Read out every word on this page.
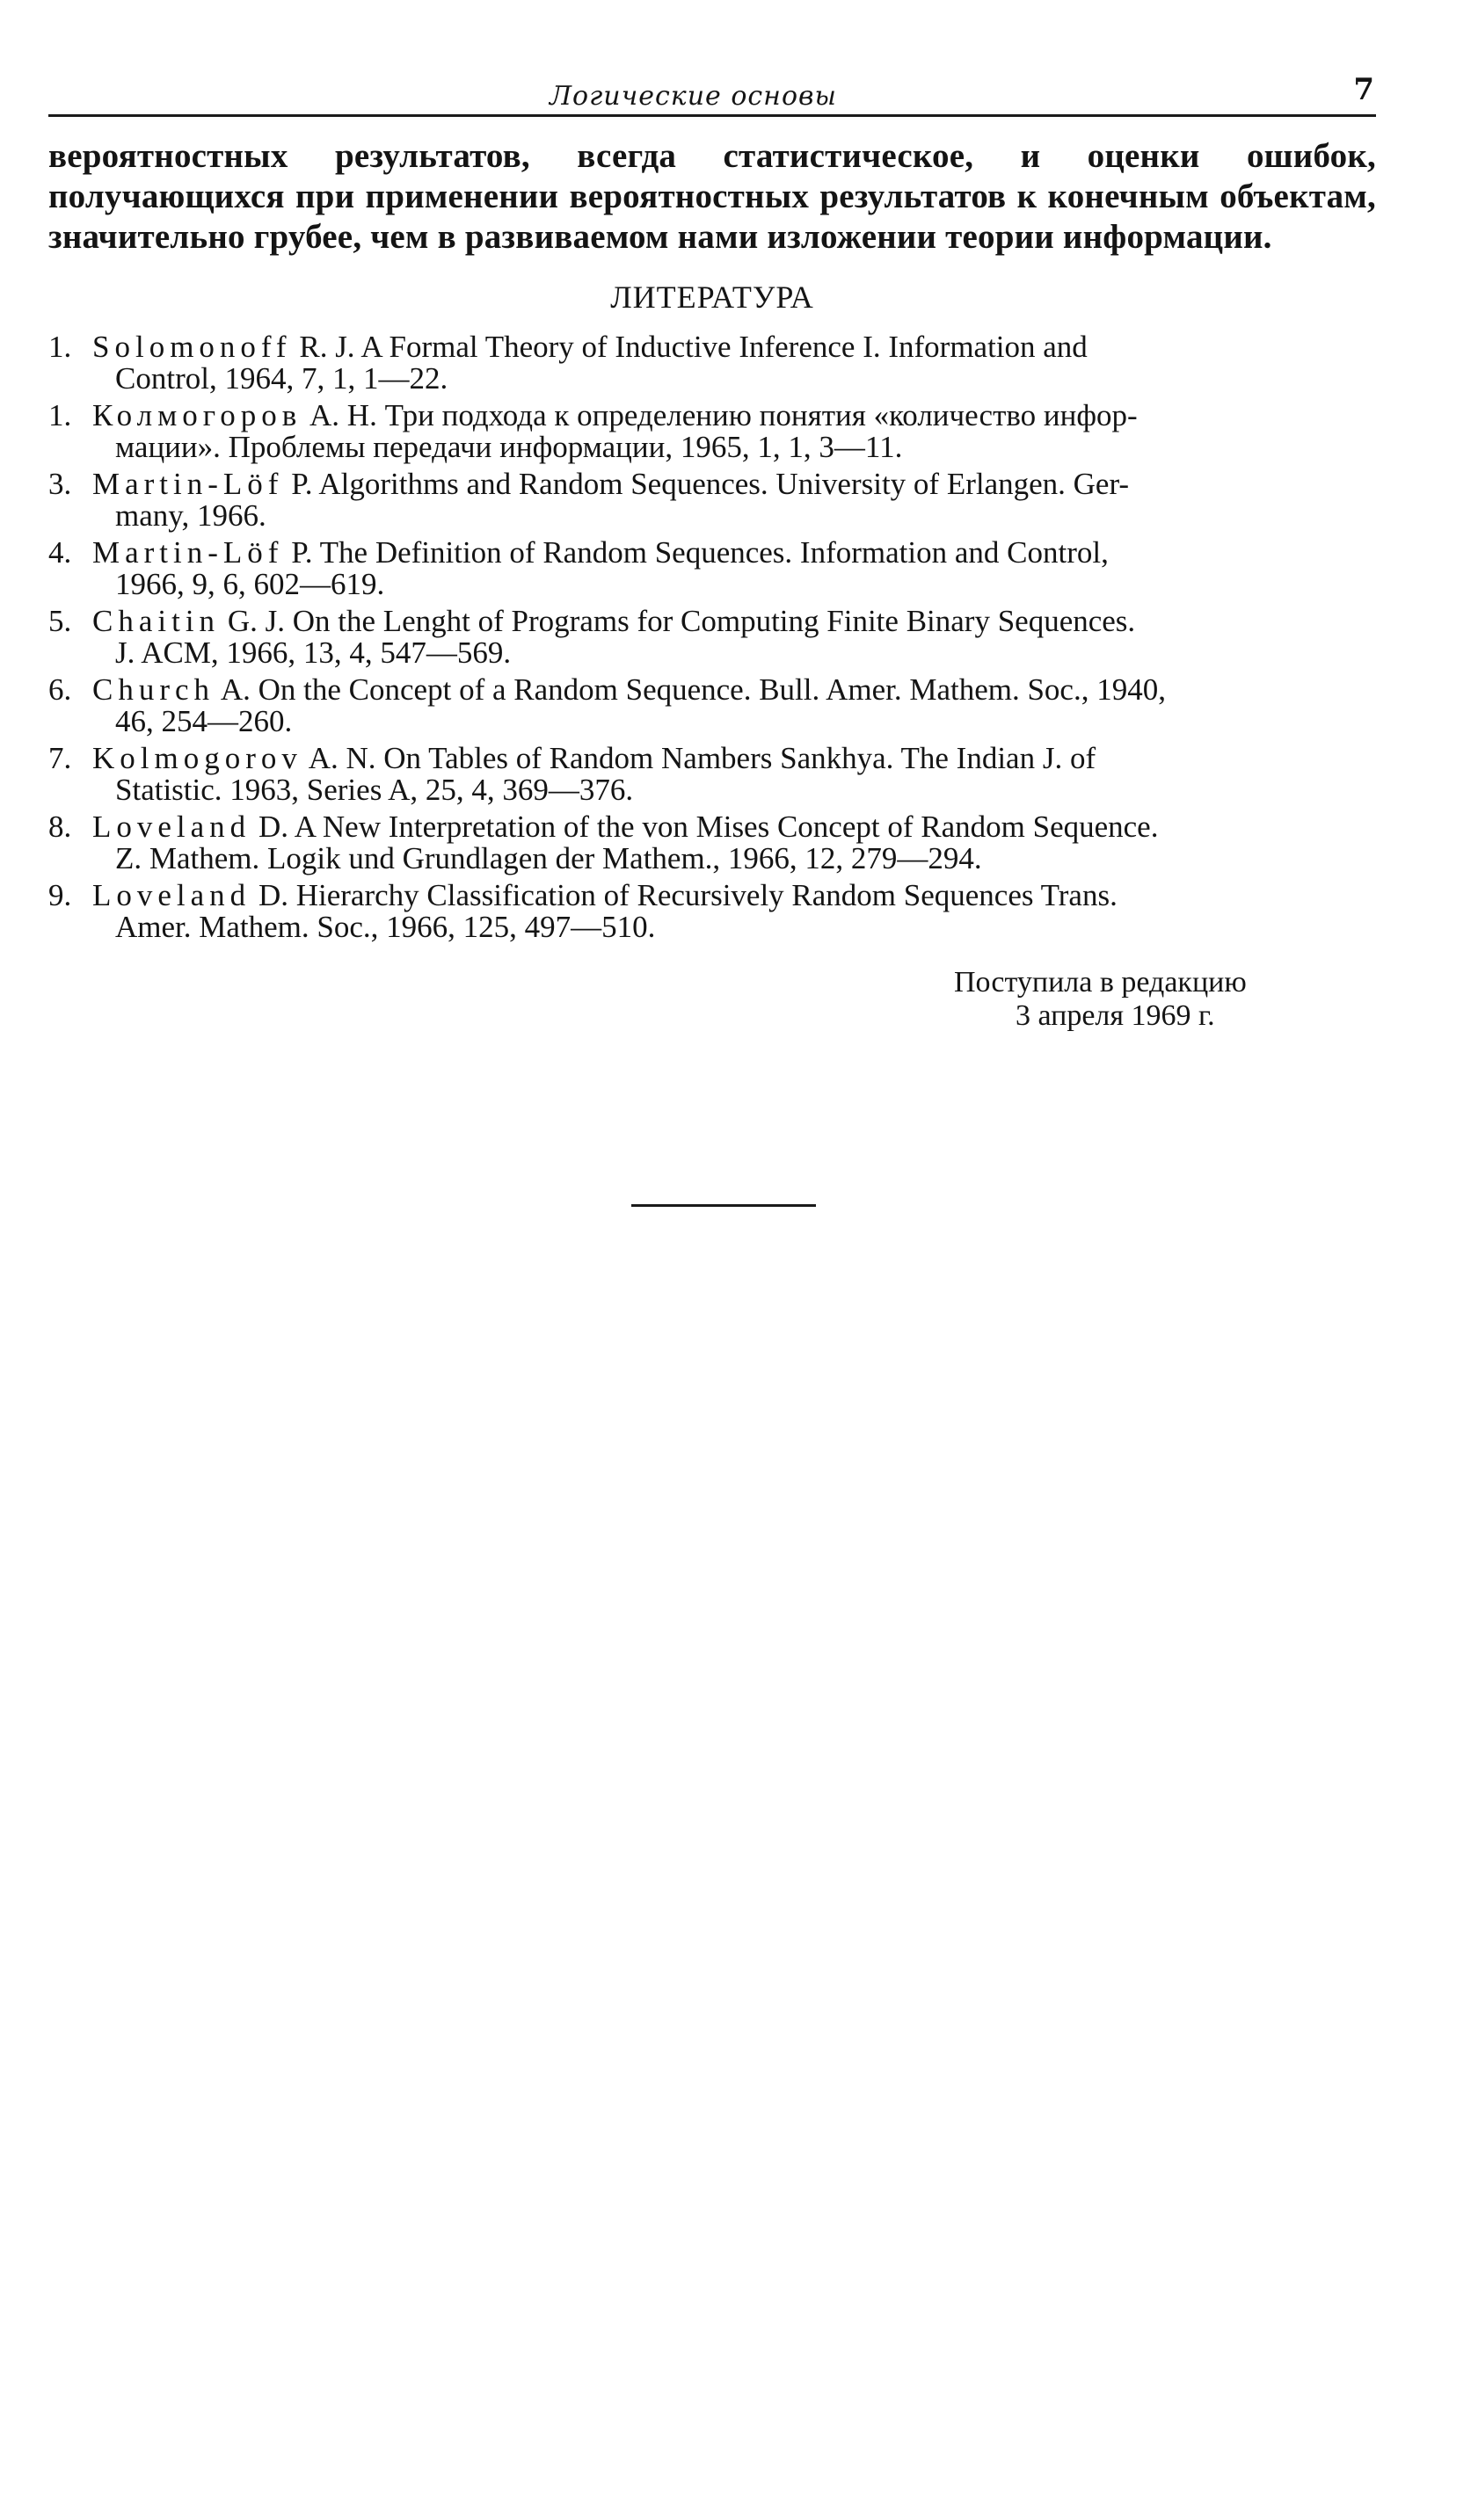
Логические основы	7

вероятностных результатов, всегда статистическое, и оценки ошибок, получающихся при применении вероятностных результатов к конечным объектам, значительно грубее, чем в развиваемом нами изложении теории информации.

ЛИТЕРАТУРА
1. Solomonoff R. J. A Formal Theory of Inductive Inference I. Information and
Control, 1964, 7, 1, 1—22.
1. Колмогоров А. Н. Три подхода к определению понятия «количество инфор-
мации». Проблемы передачи информации, 1965, 1, 1, 3—11.
3. Martin-Löf P. Algorithms and Random Sequences. University of Erlangen. Ger-
many, 1966.
4. Martin-Löf P. The Definition of Random Sequences. Information and Control,
1966, 9, 6, 602—619.
5. Chaitin G. J. On the Lenght of Programs for Computing Finite Binary Sequences.
J. ACM, 1966, 13, 4, 547—569.
6. Church A. On the Concept of a Random Sequence. Bull. Amer. Mathem. Soc., 1940,
46, 254—260.
7. Kolmogorov A. N. On Tables of Random Nambers Sankhya. The Indian J. of
Statistic. 1963, Series A, 25, 4, 369—376.
8. Loveland D. A New Interpretation of the von Mises Concept of Random Sequence.
Z. Mathem. Logik und Grundlagen der Mathem., 1966, 12, 279—294.
9. Loveland D. Hierarchy Classification of Recursively Random Sequences Trans.
Amer. Mathem. Soc., 1966, 125, 497—510.
Поступила в редакцию
3 апреля 1969 г.
